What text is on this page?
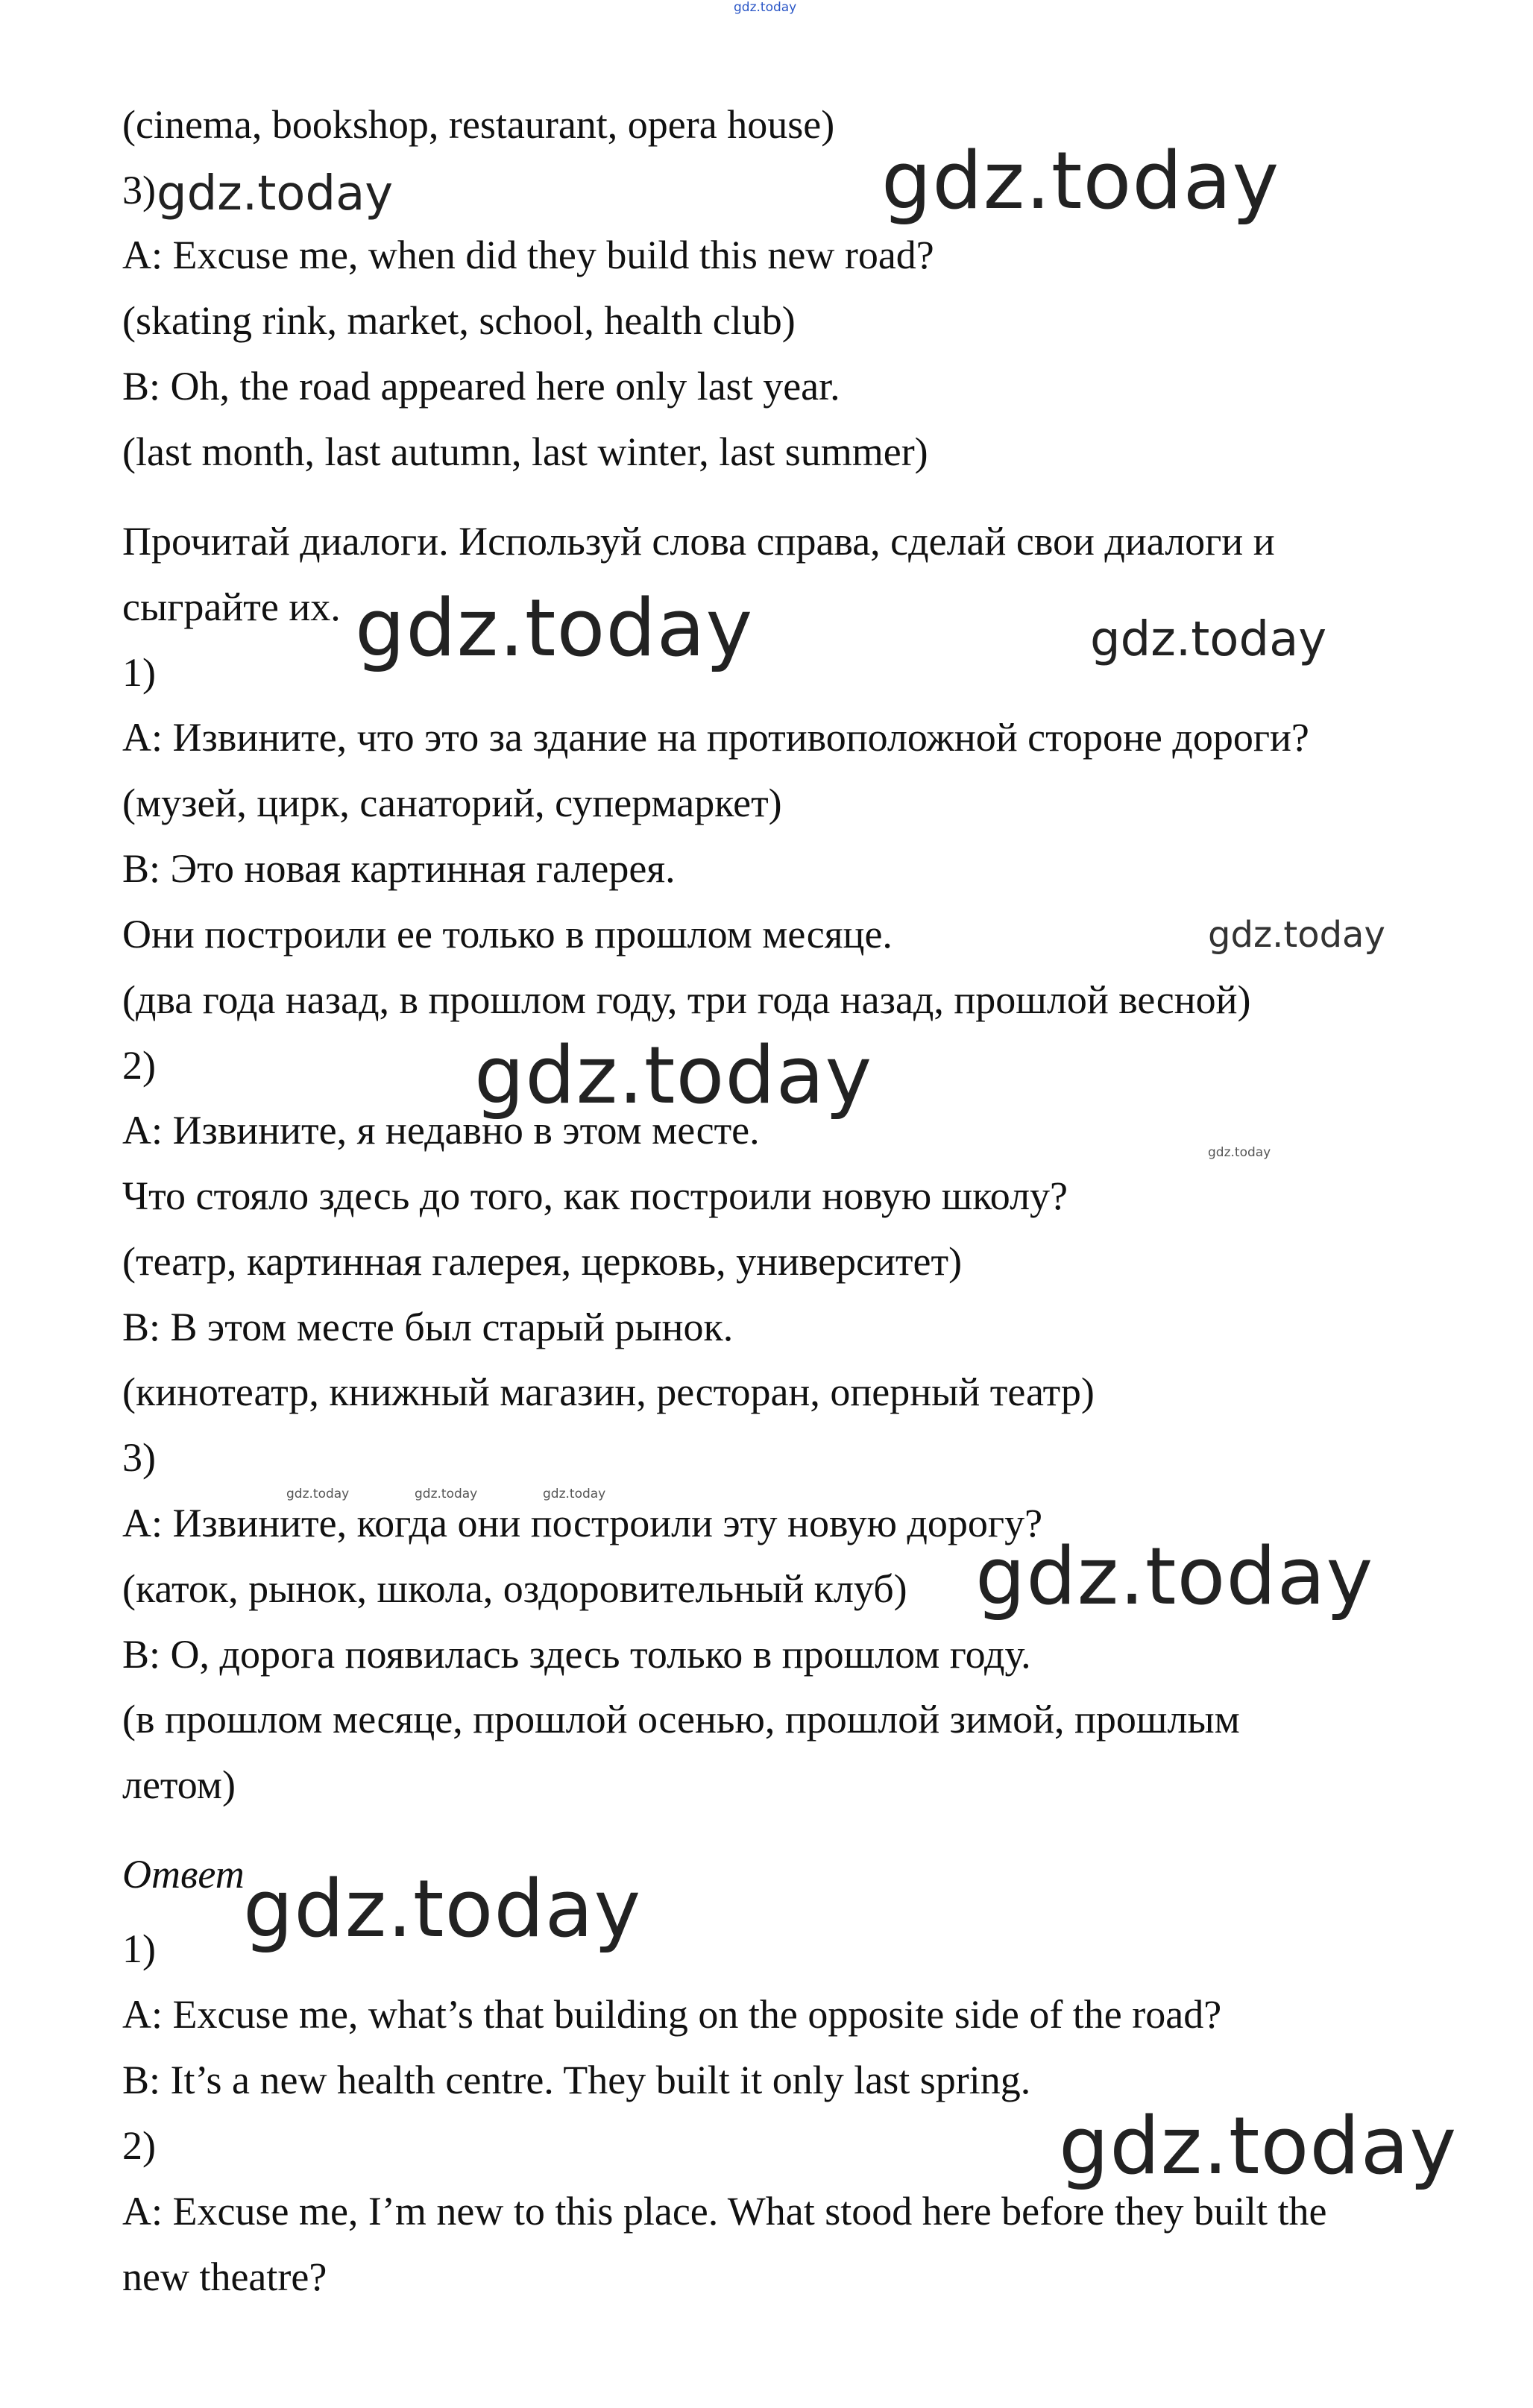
gdz.today
(cinema, bookshop, restaurant, opera house)
3)
A: Excuse me, when did they build this new road?
(skating rink, market, school, health club)
B: Oh, the road appeared here only last year.
(last month, last autumn, last winter, last summer)
Прочитай диалоги. Используй слова справа, сделай свои диалоги и
сыграйте их.
1)
A: Извините, что это за здание на противоположной стороне дороги?
(музей, цирк, санаторий, супермаркет)
B: Это новая картинная галерея.
Они построили ее только в прошлом месяце.
(два года назад, в прошлом году, три года назад, прошлой весной)
2)
A: Извините, я недавно в этом месте.
Что стояло здесь до того, как построили новую школу?
(театр, картинная галерея, церковь, университет)
B: В этом месте был старый рынок.
(кинотеатр, книжный магазин, ресторан, оперный театр)
3)
A: Извините, когда они построили эту новую дорогу?
(каток, рынок, школа, оздоровительный клуб)
B: О, дорога появилась здесь только в прошлом году.
(в прошлом месяце, прошлой осенью, прошлой зимой, прошлым
летом)
Ответ
1)
A: Excuse me, what’s that building on the opposite side of the road?
B: It’s a new health centre. They built it only last spring.
2)
A: Excuse me, I’m new to this place. What stood here before they built the
new theatre?
gdz.today	gdz.today
gdz.today	gdz.today
gdz.today
gdz.today
gdz.today
gdz.today	gdz.today	gdz.today
gdz.today
gdz.today
gdz.today
